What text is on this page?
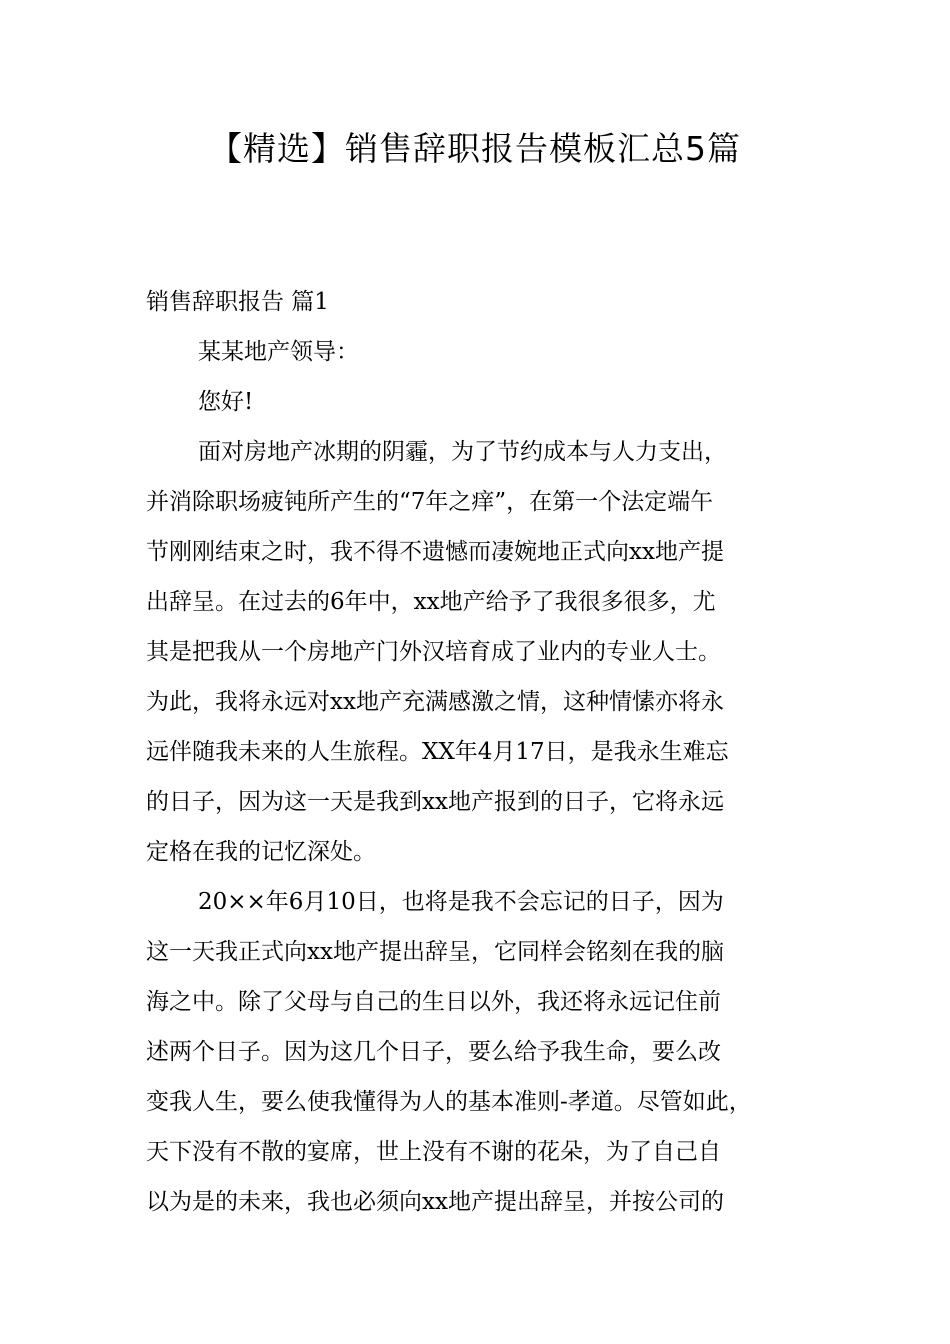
【精选】销售辞职报告模板汇总5篇

销售辞职报告 篇1

某某地产领导：

您好!

面对房地产冰期的阴霾，为了节约成本与人力支出，
并消除职场疲钝所产生的“7年之痒”，在第一个法定端午
节刚刚结束之时，我不得不遗憾而凄婉地正式向xx地产提
出辞呈。在过去的6年中，xx地产给予了我很多很多，尤
其是把我从一个房地产门外汉培育成了业内的专业人士。
为此，我将永远对xx地产充满感激之情，这种情愫亦将永
远伴随我未来的人生旅程。XX年4月17日，是我永生难忘
的日子，因为这一天是我到xx地产报到的日子，它将永远
定格在我的记忆深处。

20××年6月10日，也将是我不会忘记的日子，因为
这一天我正式向xx地产提出辞呈，它同样会铭刻在我的脑
海之中。除了父母与自己的生日以外，我还将永远记住前
述两个日子。因为这几个日子，要么给予我生命，要么改
变我人生，要么使我懂得为人的基本准则-孝道。尽管如此，
天下没有不散的宴席，世上没有不谢的花朵，为了自己自
以为是的未来，我也必须向xx地产提出辞呈，并按公司的
